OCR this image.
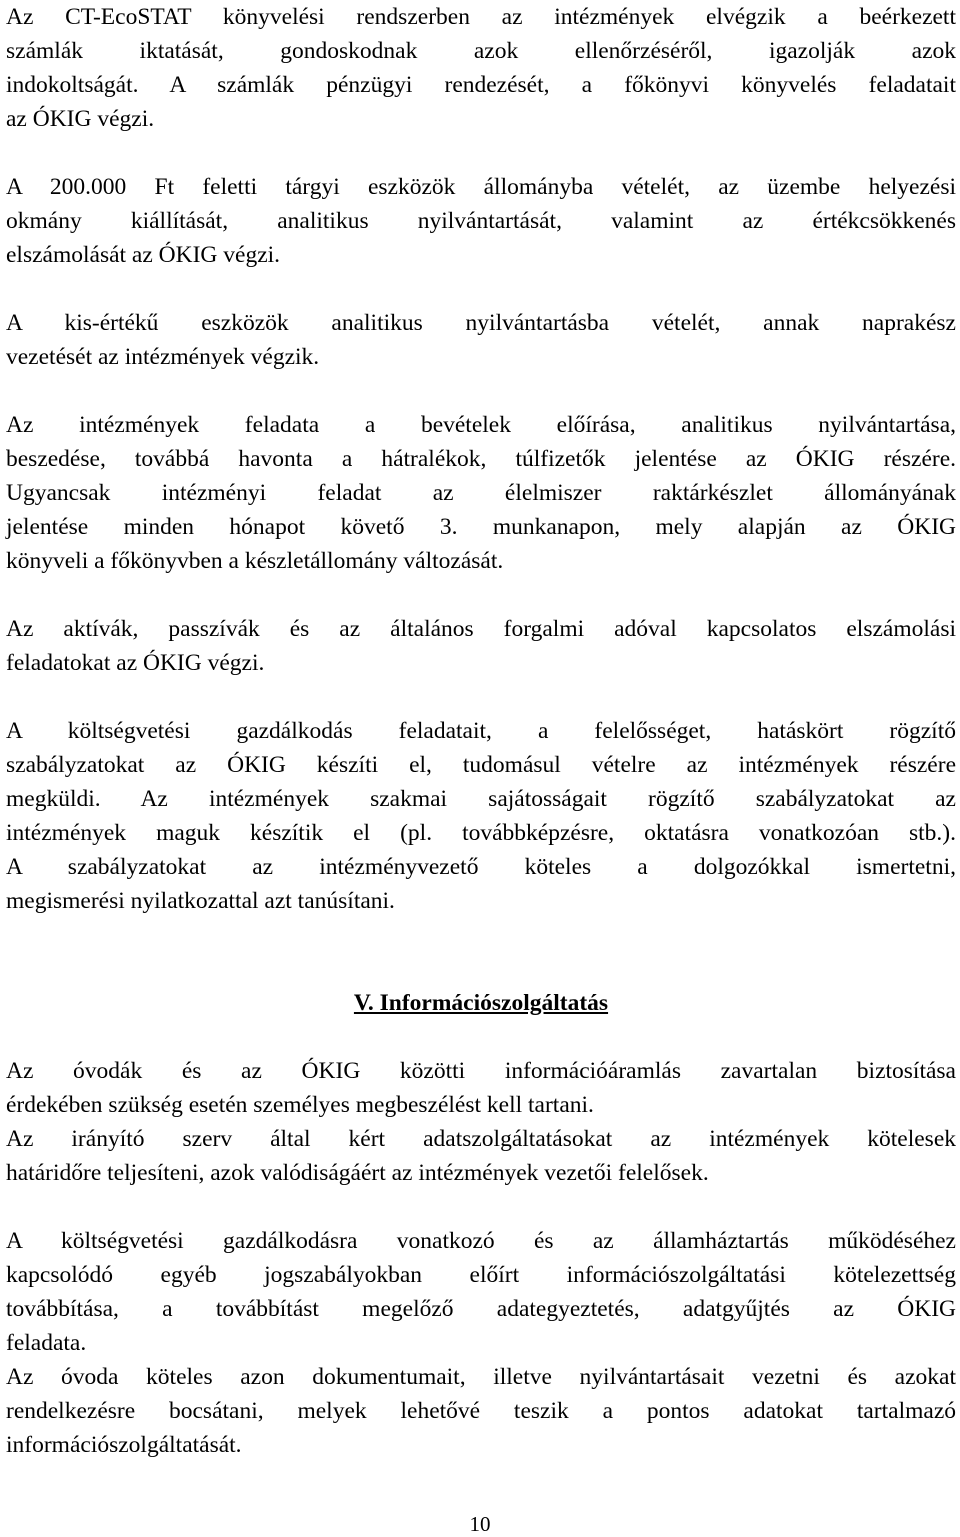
Az CT-EcoSTAT könyvelési rendszerben az intézmények elvégzik a beérkezett
számlák iktatását, gondoskodnak azok ellenőrzéséről, igazolják azok
indokoltságát. A számlák pénzügyi rendezését, a főkönyvi könyvelés feladatait
az ÓKIG végzi.

A 200.000 Ft feletti tárgyi eszközök állományba vételét, az üzembe helyezési
okmány kiállítását, analitikus nyilvántartását, valamint az értékcsökkenés
elszámolását az ÓKIG végzi.

A kis-értékű eszközök analitikus nyilvántartásba vételét, annak naprakész
vezetését az intézmények végzik.

Az intézmények feladata a bevételek előírása, analitikus nyilvántartása,
beszedése, továbbá havonta a hátralékok, túlfizetők jelentése az ÓKIG részére.
Ugyancsak intézményi feladat az élelmiszer raktárkészlet állományának
jelentése minden hónapot követő 3. munkanapon, mely alapján az ÓKIG
könyveli a főkönyvben a készletállomány változását.

Az aktívák, passzívák és az általános forgalmi adóval kapcsolatos elszámolási
feladatokat az ÓKIG végzi.

A költségvetési gazdálkodás feladatait, a felelősséget, hatáskört rögzítő
szabályzatokat az ÓKIG készíti el, tudomásul vételre az intézmények részére
megküldi. Az intézmények szakmai sajátosságait rögzítő szabályzatokat az
intézmények maguk készítik el (pl. továbbképzésre, oktatásra vonatkozóan stb.).
A szabályzatokat az intézményvezető köteles a dolgozókkal ismertetni,
megismerési nyilatkozattal azt tanúsítani.

V. Információszolgáltatás

Az óvodák és az ÓKIG közötti információáramlás zavartalan biztosítása
érdekében szükség esetén személyes megbeszélést kell tartani.
Az irányító szerv által kért adatszolgáltatásokat az intézmények kötelesek
határidőre teljesíteni, azok valódiságáért az intézmények vezetői felelősek.

A költségvetési gazdálkodásra vonatkozó és az államháztartás működéséhez
kapcsolódó egyéb jogszabályokban előírt információszolgáltatási kötelezettség
továbbítása, a továbbítást megelőző adategyeztetés, adatgyűjtés az ÓKIG
feladata.
Az óvoda köteles azon dokumentumait, illetve nyilvántartásait vezetni és azokat
rendelkezésre bocsátani, melyek lehetővé teszik a pontos adatokat tartalmazó
információszolgáltatását.

10
